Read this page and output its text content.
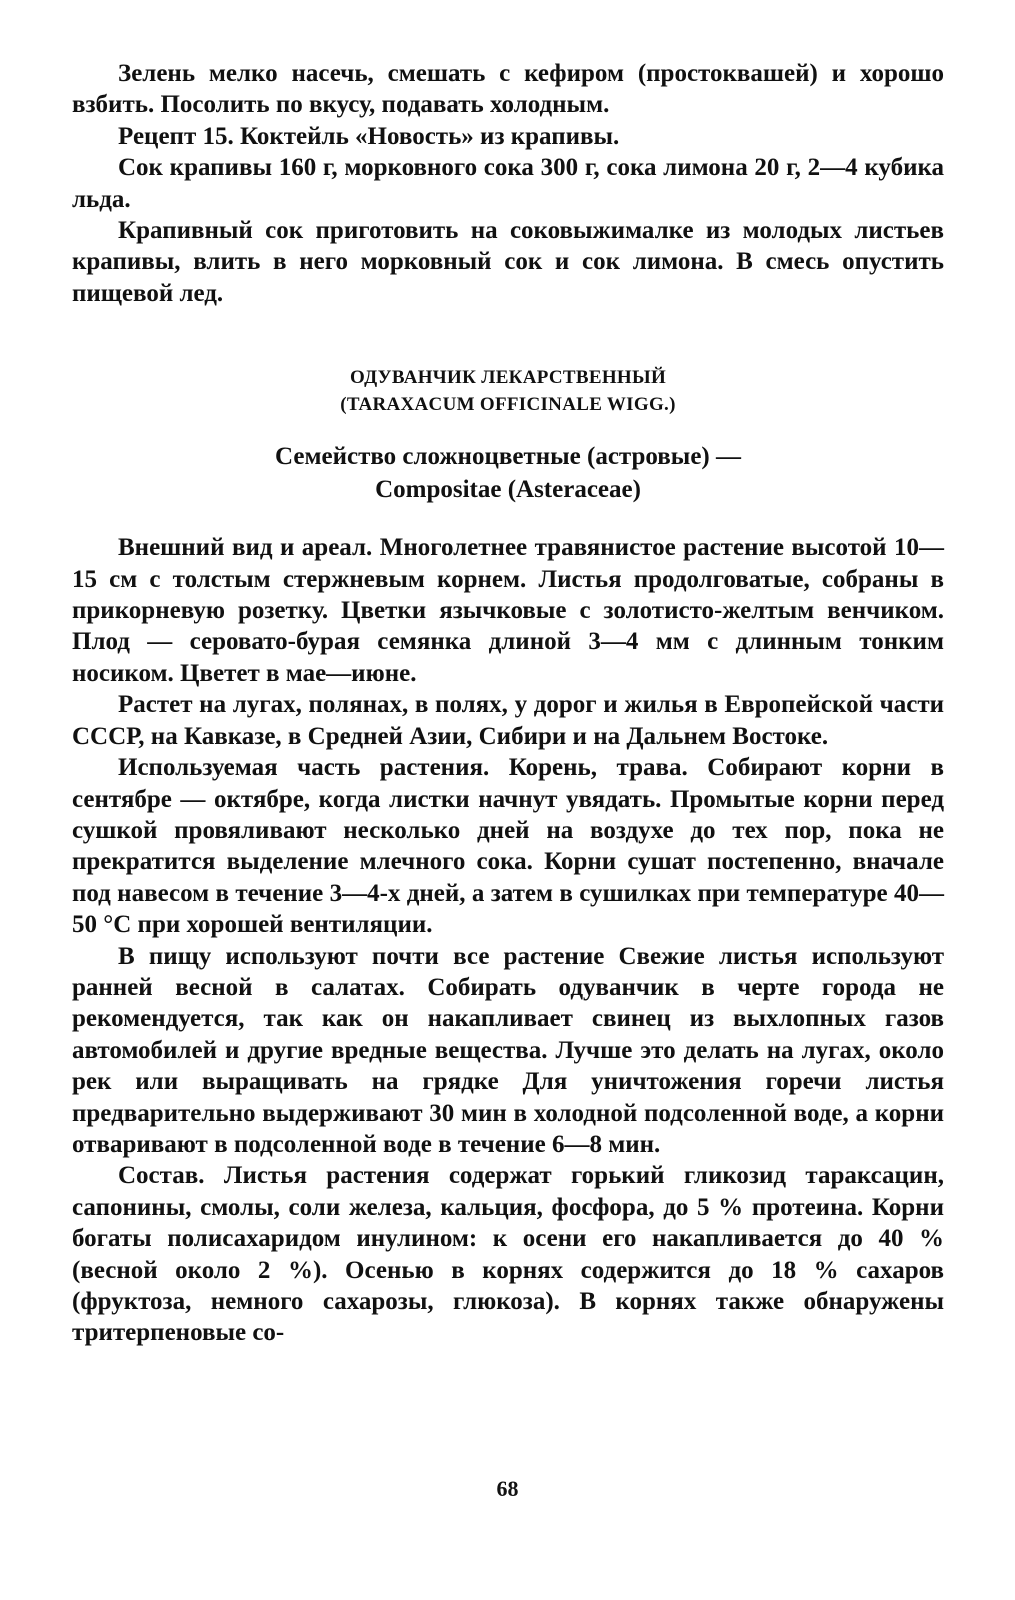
Зелень мелко насечь, смешать с кефиром (простоквашей) и хорошо взбить. Посолить по вкусу, подавать холодным.

Рецепт 15. Коктейль «Новость» из крапивы.

Сок крапивы 160 г, морковного сока 300 г, сока лимона 20 г, 2—4 кубика льда.

Крапивный сок приготовить на соковыжималке из молодых листьев крапивы, влить в него морковный сок и сок лимона. В смесь опустить пищевой лед.

ОДУВАНЧИК ЛЕКАРСТВЕННЫЙ

(TARAXACUM OFFICINALE WIGG.)

Семейство сложноцветные (астровые) —
Compositae (Asteraceae)

Внешний вид и ареал. Многолетнее травянистое растение высотой 10—15 см с толстым стержневым корнем. Листья продолговатые, собраны в прикорневую розетку. Цветки язычковые с золотисто-желтым венчиком. Плод — серовато-бурая семянка длиной 3—4 мм с длинным тонким носиком. Цветет в мае—июне.

Растет на лугах, полянах, в полях, у дорог и жилья в Европейской части СССР, на Кавказе, в Средней Азии, Сибири и на Дальнем Востоке.

Используемая часть растения. Корень, трава. Собирают корни в сентябре — октябре, когда листки начнут увядать. Промытые корни перед сушкой провяливают несколько дней на воздухе до тех пор, пока не прекратится выделение млечного сока. Корни сушат постепенно, вначале под навесом в течение 3—4-х дней, а затем в сушилках при температуре 40—50 °С при хорошей вентиляции.

В пищу используют почти все растение Свежие листья используют ранней весной в салатах. Собирать одуванчик в черте города не рекомендуется, так как он накапливает свинец из выхлопных газов автомобилей и другие вредные вещества. Лучше это делать на лугах, около рек или выращивать на грядке Для уничтожения горечи листья предварительно выдерживают 30 мин в холодной подсоленной воде, а корни отваривают в подсоленной воде в течение 6—8 мин.

Состав. Листья растения содержат горький гликозид тараксацин, сапонины, смолы, соли железа, кальция, фосфора, до 5 % протеина. Корни богаты полисахаридом инулином: к осени его накапливается до 40 % (весной около 2 %). Осенью в корнях содержится до 18 % сахаров (фруктоза, немного сахарозы, глюкоза). В корнях также обнаружены тритерпеновые со-

68
